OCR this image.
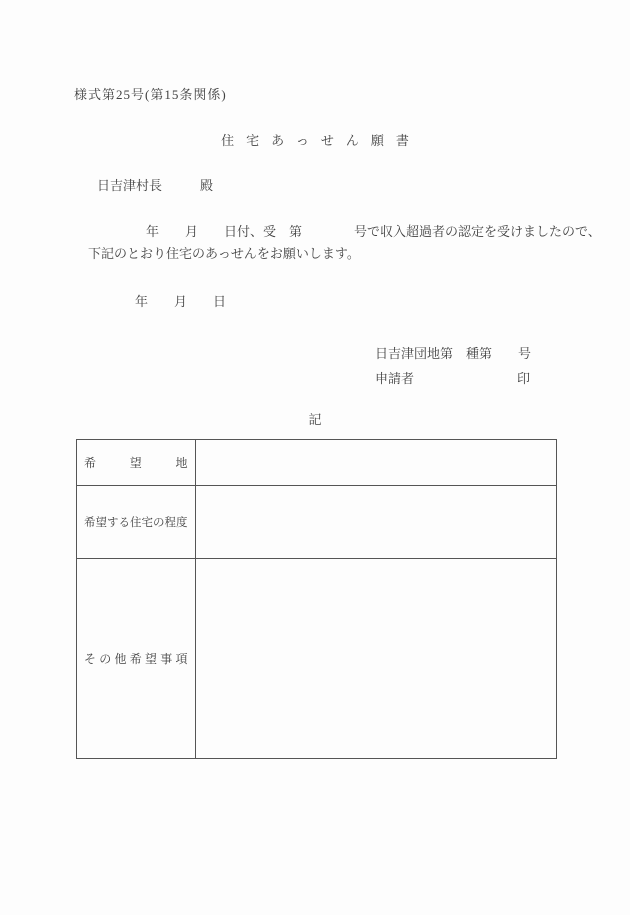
様式第25号(第15条関係)
住宅あっせん願書
日吉津村長	殿
年　　月　　日付、受　第　　　　号で収入超過者の認定を受けましたので、
下記のとおり住宅のあっせんをお願いします。
年　　月　　日
日吉津団地第　種第　　号
申請者	印
記
希望地	
希望する住宅の程度	
その他希望事項	
